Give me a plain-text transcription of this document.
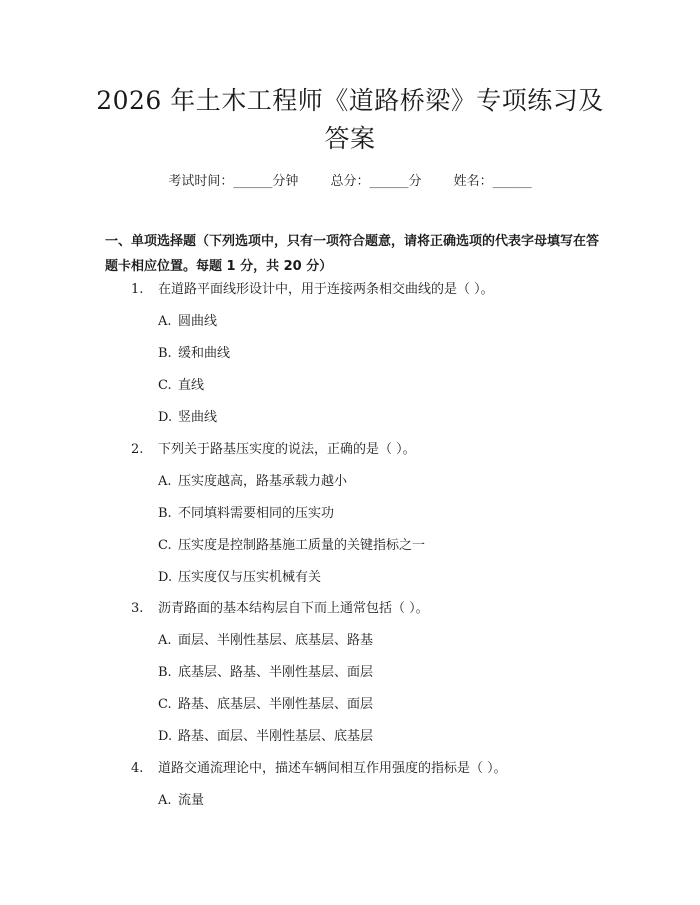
2026 年土木工程师《道路桥梁》专项练习及
答案
考试时间：______分钟 总分：______分 姓名：______
一、单项选择题（下列选项中，只有一项符合题意，请将正确选项的代表字母填写在答题卡相应位置。每题 1 分，共 20 分）
1. 在道路平面线形设计中，用于连接两条相交曲线的是（ ）。
A. 圆曲线
B. 缓和曲线
C. 直线
D. 竖曲线
2. 下列关于路基压实度的说法，正确的是（ ）。
A. 压实度越高，路基承载力越小
B. 不同填料需要相同的压实功
C. 压实度是控制路基施工质量的关键指标之一
D. 压实度仅与压实机械有关
3. 沥青路面的基本结构层自下而上通常包括（ ）。
A. 面层、半刚性基层、底基层、路基
B. 底基层、路基、半刚性基层、面层
C. 路基、底基层、半刚性基层、面层
D. 路基、面层、半刚性基层、底基层
4. 道路交通流理论中，描述车辆间相互作用强度的指标是（ ）。
A. 流量
